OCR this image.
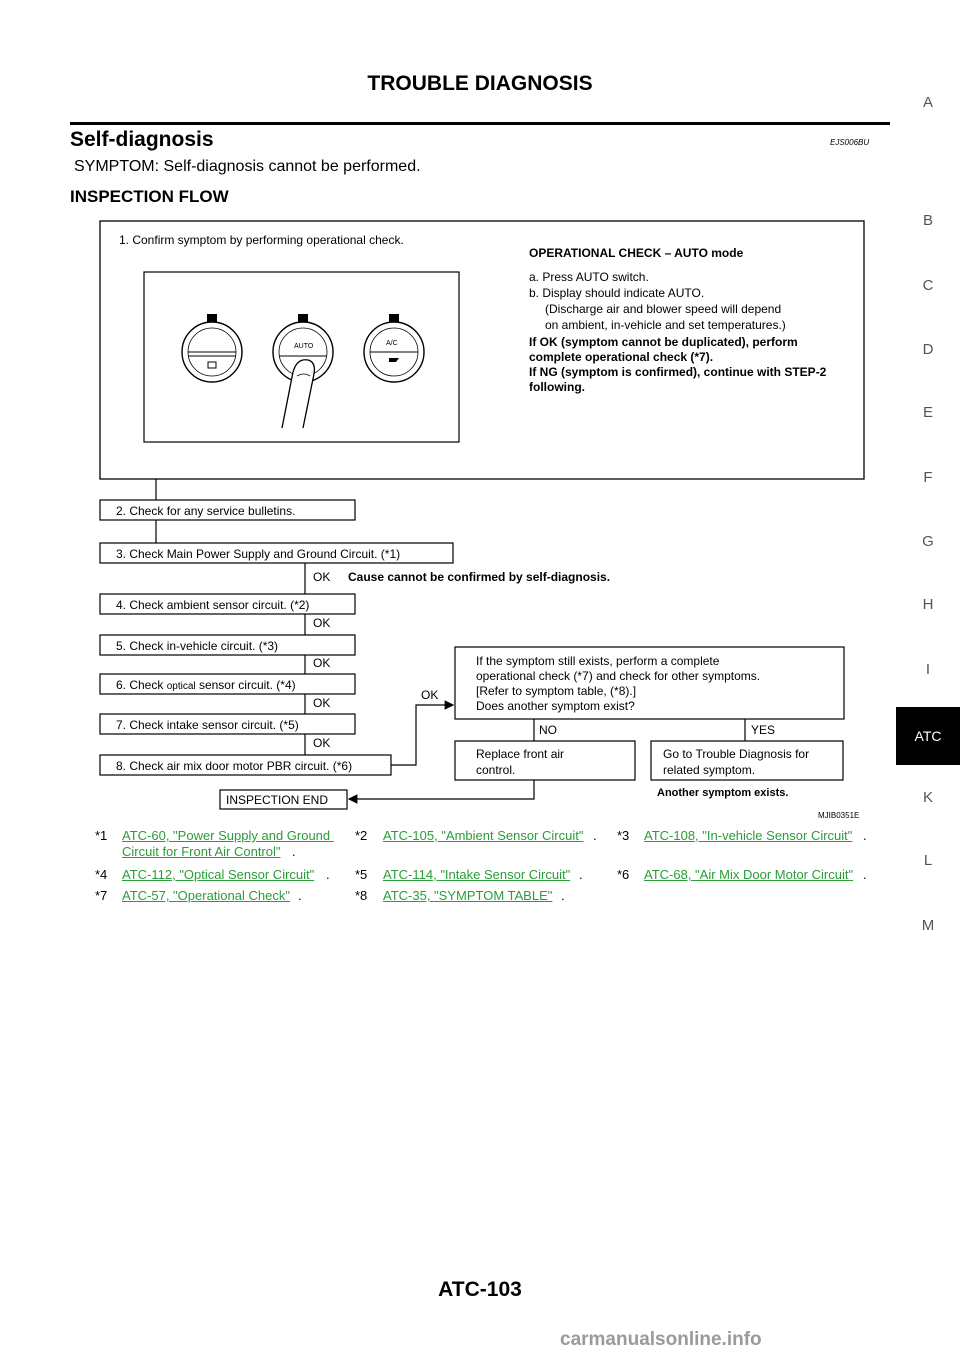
TROUBLE DIAGNOSIS
Self-diagnosis	EJS006BU
SYMPTOM: Self-diagnosis cannot be performed.
INSPECTION FLOW
A
B
C
D
E
F
G
H
I
ATC
K
L
M
1. Confirm symptom by performing operational check.
AUTO	A/C
OPERATIONAL CHECK – AUTO mode
a. Press AUTO switch.
b. Display should indicate AUTO.
(Discharge air and blower speed will depend
on ambient, in-vehicle and set temperatures.)
If OK (symptom cannot be duplicated), perform
complete operational check (*7).
If NG (symptom is confirmed), continue with STEP-2
following.
2. Check for any service bulletins.
3. Check Main Power Supply and Ground Circuit. (*1)
OK Cause cannot be confirmed by self-diagnosis.
4. Check ambient sensor circuit. (*2)
OK
5. Check in-vehicle circuit. (*3)
OK
6. Check optical sensor circuit. (*4)
OK
7. Check intake sensor circuit. (*5)
OK
8. Check air mix door motor PBR circuit. (*6)
OK
If the symptom still exists, perform a complete
operational check (*7) and check for other symptoms.
[Refer to symptom table, (*8).]
Does another symptom exist?
NO	YES
Replace front air
control.
Go to Trouble Diagnosis for
related symptom.
INSPECTION END	Another symptom exists.
MJIB0351E
*1 ATC-60, "Power Supply and Ground
Circuit for Front Air Control" .
*2 ATC-105, "Ambient Sensor Circuit" . *3 ATC-108, "In-vehicle Sensor Circuit" .
*4 ATC-112, "Optical Sensor Circuit" . *5 ATC-114, "Intake Sensor Circuit" .	*6 ATC-68, "Air Mix Door Motor Circuit" .
*7 ATC-57, "Operational Check" .	*8 ATC-35, "SYMPTOM TABLE" .
ATC-103
carmanualsonline.info
